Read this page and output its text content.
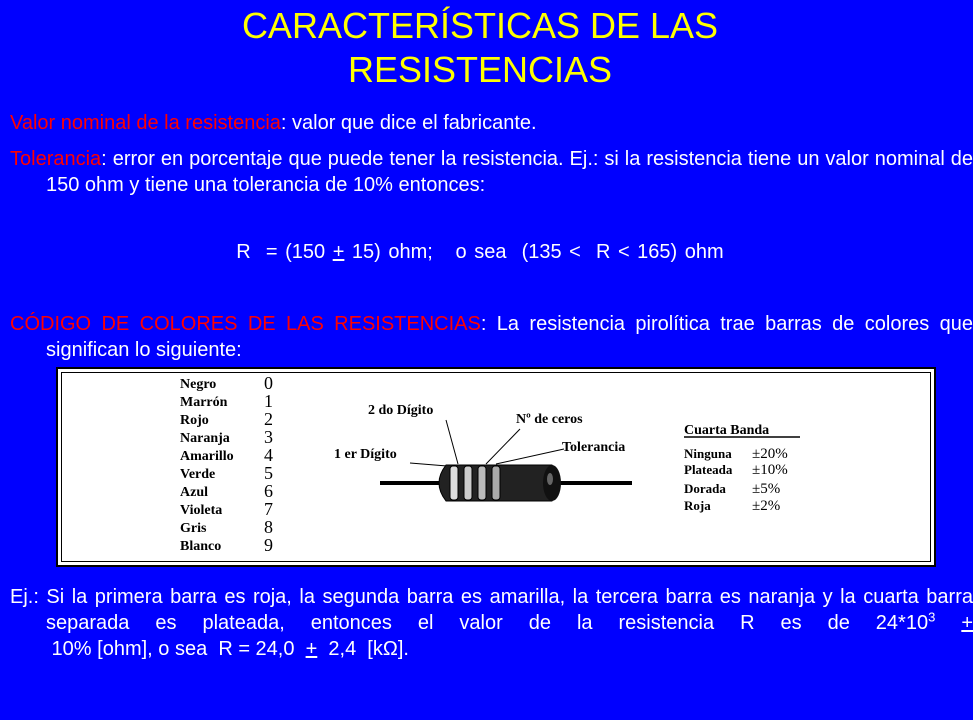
CARACTERÍSTICAS DE LAS
RESISTENCIAS
Valor nominal de la resistencia: valor que dice el fabricante.
Tolerancia: error en porcentaje que puede tener la resistencia. Ej.: si la resistencia tiene un valor nominal de 150 ohm y tiene una tolerancia de 10% entonces:
R  = (150 + 15) ohm;   o sea  (135 <  R < 165) ohm
CÓDIGO DE COLORES DE LAS RESISTENCIAS: La resistencia pirolítica trae barras de colores que significan lo siguiente:
Negro
Marrón
Rojo
Naranja
Amarillo
Verde
Azul
Violeta
Gris
Blanco
0
1
2
3
4
5
6
7
8
9
2 do Dígito
Nº de ceros
1 er Dígito	Tolerancia
Cuarta Banda
Ninguna
Plateada
Dorada
Roja
±20%
±10%
±5%
±2%
Ej.: Si la primera barra es roja, la segunda barra es amarilla, la tercera barra es naranja y la cuarta barra separada es plateada, entonces el valor de la resistencia R es de $24*10^3 + 10\%$ [ohm], o sea  R = 24,0  +  2,4  [kΩ].
